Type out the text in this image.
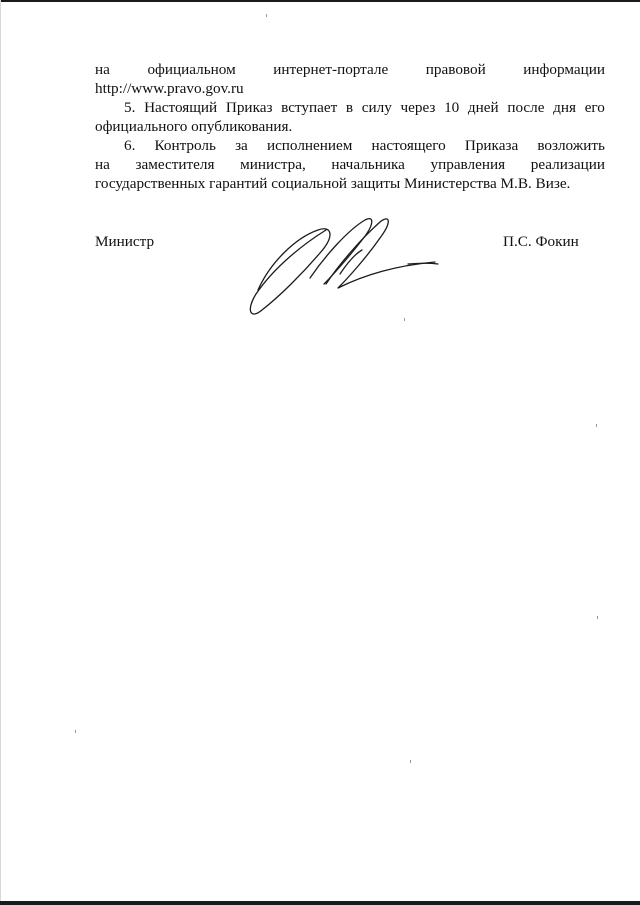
на официальном интернет-портале правовой информации
http://www.pravo.gov.ru
5. Настоящий Приказ вступает в силу через 10 дней после дня его
официального опубликования.
6. Контроль за исполнением настоящего Приказа возложить
на заместителя министра, начальника управления реализации
государственных гарантий социальной защиты Министерства М.В. Визе.
Министр	П.С. Фокин
